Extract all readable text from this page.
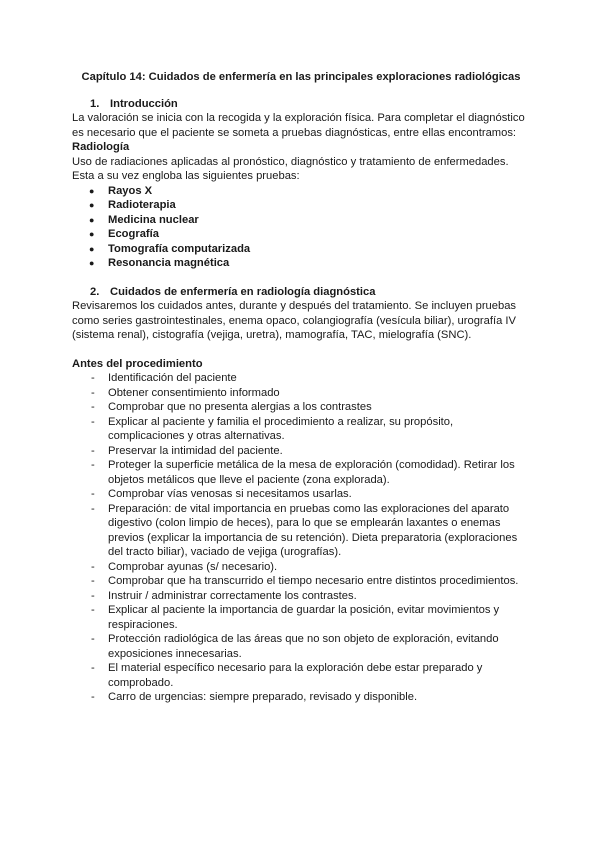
Capítulo 14: Cuidados de enfermería en las principales exploraciones radiológicas
1. Introducción

La valoración se inicia con la recogida y la exploración física. Para completar el diagnóstico es necesario que el paciente se someta a pruebas diagnósticas, entre ellas encontramos:

Radiología

Uso de radiaciones aplicadas al pronóstico, diagnóstico y tratamiento de enfermedades. Esta a su vez engloba las siguientes pruebas:

● Rayos X
● Radioterapia
● Medicina nuclear
● Ecografía
● Tomografía computarizada
● Resonancia magnética
2. Cuidados de enfermería en radiología diagnóstica

Revisaremos los cuidados antes, durante y después del tratamiento. Se incluyen pruebas como series gastrointestinales, enema opaco, colangiografía (vesícula biliar), urografía IV (sistema renal), cistografía (vejiga, uretra), mamografía, TAC, mielografía (SNC).

Antes del procedimiento
- Identificación del paciente
- Obtener consentimiento informado
- Comprobar que no presenta alergias a los contrastes
- Explicar al paciente y familia el procedimiento a realizar, su propósito, complicaciones y otras alternativas.
- Preservar la intimidad del paciente.
- Proteger la superficie metálica de la mesa de exploración (comodidad). Retirar los objetos metálicos que lleve el paciente (zona explorada).
- Comprobar vías venosas si necesitamos usarlas.
- Preparación: de vital importancia en pruebas como las exploraciones del aparato digestivo (colon limpio de heces), para lo que se emplearán laxantes o enemas previos (explicar la importancia de su retención). Dieta preparatoria (exploraciones del tracto biliar), vaciado de vejiga (urografías).
- Comprobar ayunas (s/ necesario).
- Comprobar que ha transcurrido el tiempo necesario entre distintos procedimientos.
- Instruir / administrar correctamente los contrastes.
- Explicar al paciente la importancia de guardar la posición, evitar movimientos y respiraciones.
- Protección radiológica de las áreas que no son objeto de exploración, evitando exposiciones innecesarias.
- El material específico necesario para la exploración debe estar preparado y comprobado.
- Carro de urgencias: siempre preparado, revisado y disponible.
